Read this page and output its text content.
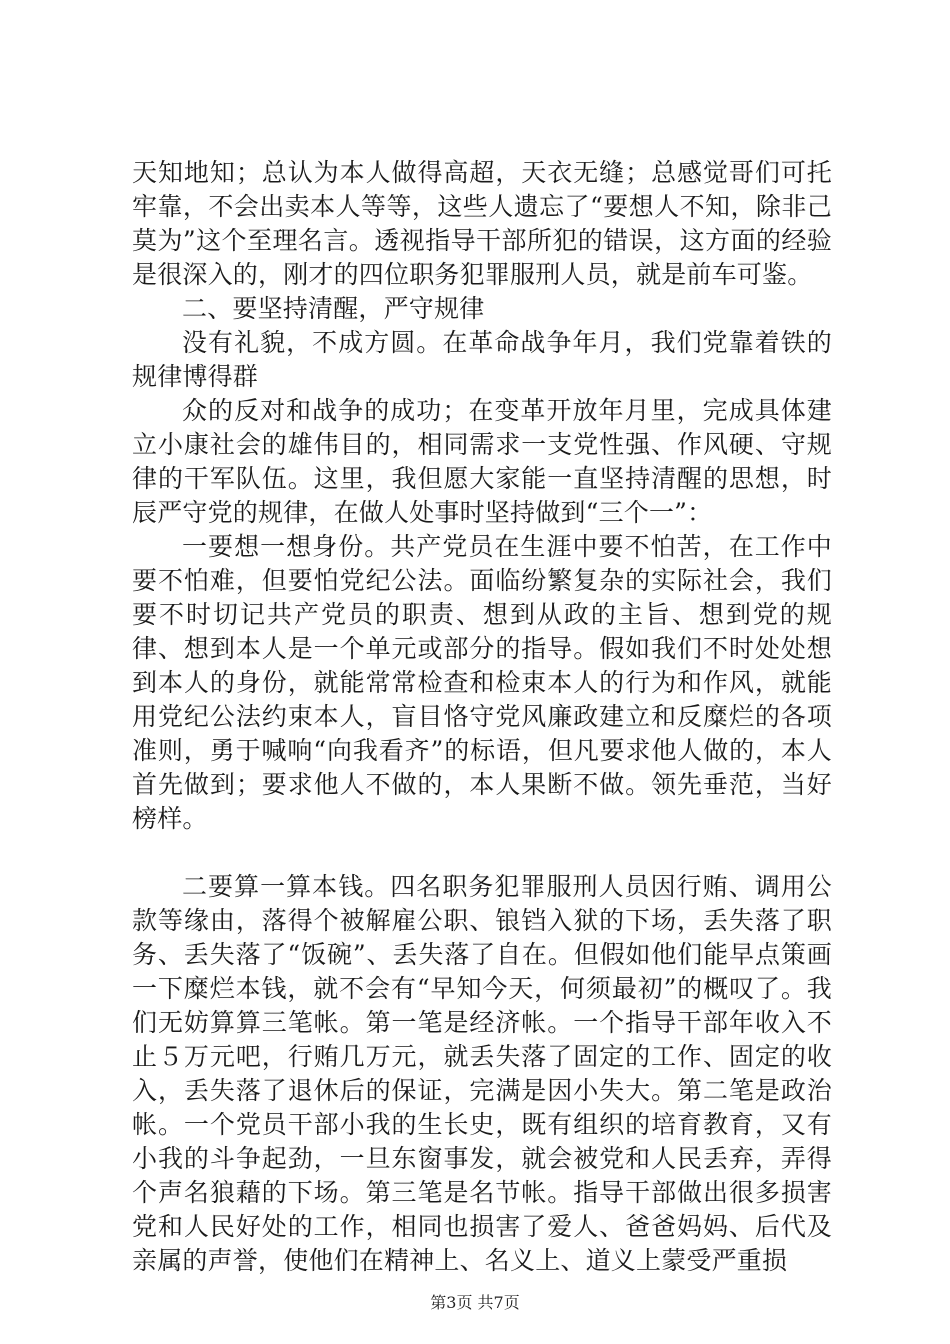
天知地知；总认为本人做得高超，天衣无缝；总感觉哥们可托牢靠，不会出卖本人等等，这些人遗忘了“要想人不知，除非己莫为”这个至理名言。透视指导干部所犯的错误，这方面的经验是很深入的，刚才的四位职务犯罪服刑人员，就是前车可鉴。

二、要坚持清醒，严守规律

没有礼貌，不成方圆。在革命战争年月，我们党靠着铁的规律博得群

众的反对和战争的成功；在变革开放年月里，完成具体建立小康社会的雄伟目的，相同需求一支党性强、作风硬、守规律的干军队伍。这里，我但愿大家能一直坚持清醒的思想，时辰严守党的规律，在做人处事时坚持做到“三个一”：

一要想一想身份。共产党员在生涯中要不怕苦，在工作中要不怕难，但要怕党纪公法。面临纷繁复杂的实际社会，我们要不时切记共产党员的职责、想到从政的主旨、想到党的规律、想到本人是一个单元或部分的指导。假如我们不时处处想到本人的身份，就能常常检查和检束本人的行为和作风，就能用党纪公法约束本人，盲目恪守党风廉政建立和反糜烂的各项准则，勇于喊响“向我看齐”的标语，但凡要求他人做的，本人首先做到；要求他人不做的，本人果断不做。领先垂范，当好榜样。

二要算一算本钱。四名职务犯罪服刑人员因行贿、调用公款等缘由，落得个被解雇公职、锒铛入狱的下场，丢失落了职务、丢失落了“饭碗”、丢失落了自在。但假如他们能早点策画一下糜烂本钱，就不会有“早知今天，何须最初”的概叹了。我们无妨算算三笔帐。第一笔是经济帐。一个指导干部年收入不止５万元吧，行贿几万元，就丢失落了固定的工作、固定的收入，丢失落了退休后的保证，完满是因小失大。第二笔是政治帐。一个党员干部小我的生长史，既有组织的培育教育，又有小我的斗争起劲，一旦东窗事发，就会被党和人民丢弃，弄得个声名狼藉的下场。第三笔是名节帐。指导干部做出很多损害党和人民好处的工作，相同也损害了爱人、爸爸妈妈、后代及亲属的声誉，使他们在精神上、名义上、道义上蒙受严重损

第3页 共7页
